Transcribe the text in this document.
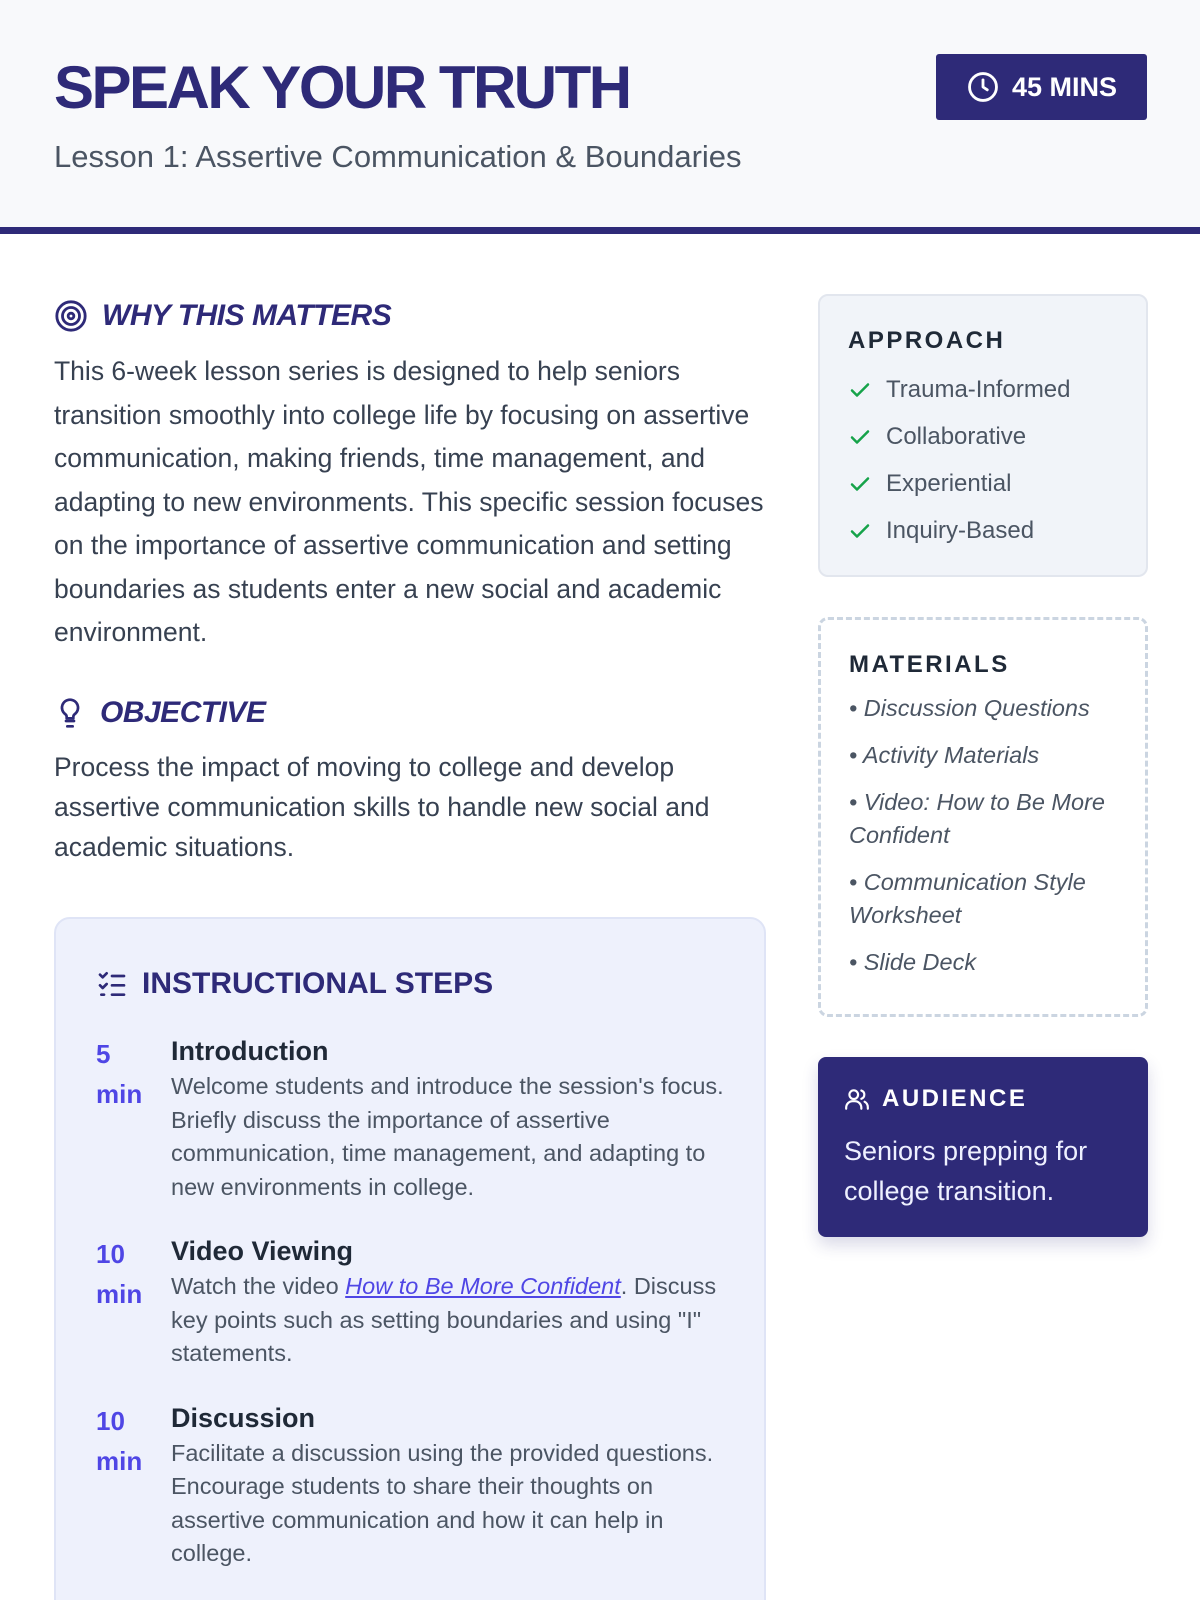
SPEAK YOUR TRUTH
Lesson 1: Assertive Communication & Boundaries
45 MINS
WHY THIS MATTERS

This 6-week lesson series is designed to help seniors transition smoothly into college life by focusing on assertive communication, making friends, time management, and adapting to new environments. This specific session focuses on the importance of assertive communication and setting boundaries as students enter a new social and academic environment.

OBJECTIVE

Process the impact of moving to college and develop assertive communication skills to handle new social and academic situations.

INSTRUCTIONAL STEPS
5
min
Introduction
Welcome students and introduce the session's focus. Briefly discuss the importance of assertive communication, time management, and adapting to new environments in college.
10
min
Video Viewing
Watch the video How to Be More Confident. Discuss key points such as setting boundaries and using "I" statements.
10
min
Discussion
Facilitate a discussion using the provided questions. Encourage students to share their thoughts on assertive communication and how it can help in college.
APPROACH
Trauma-Informed
Collaborative
Experiential
Inquiry-Based
MATERIALS
• Discussion Questions
• Activity Materials
• Video: How to Be More Confident
• Communication Style Worksheet
• Slide Deck
AUDIENCE

Seniors prepping for college transition.
